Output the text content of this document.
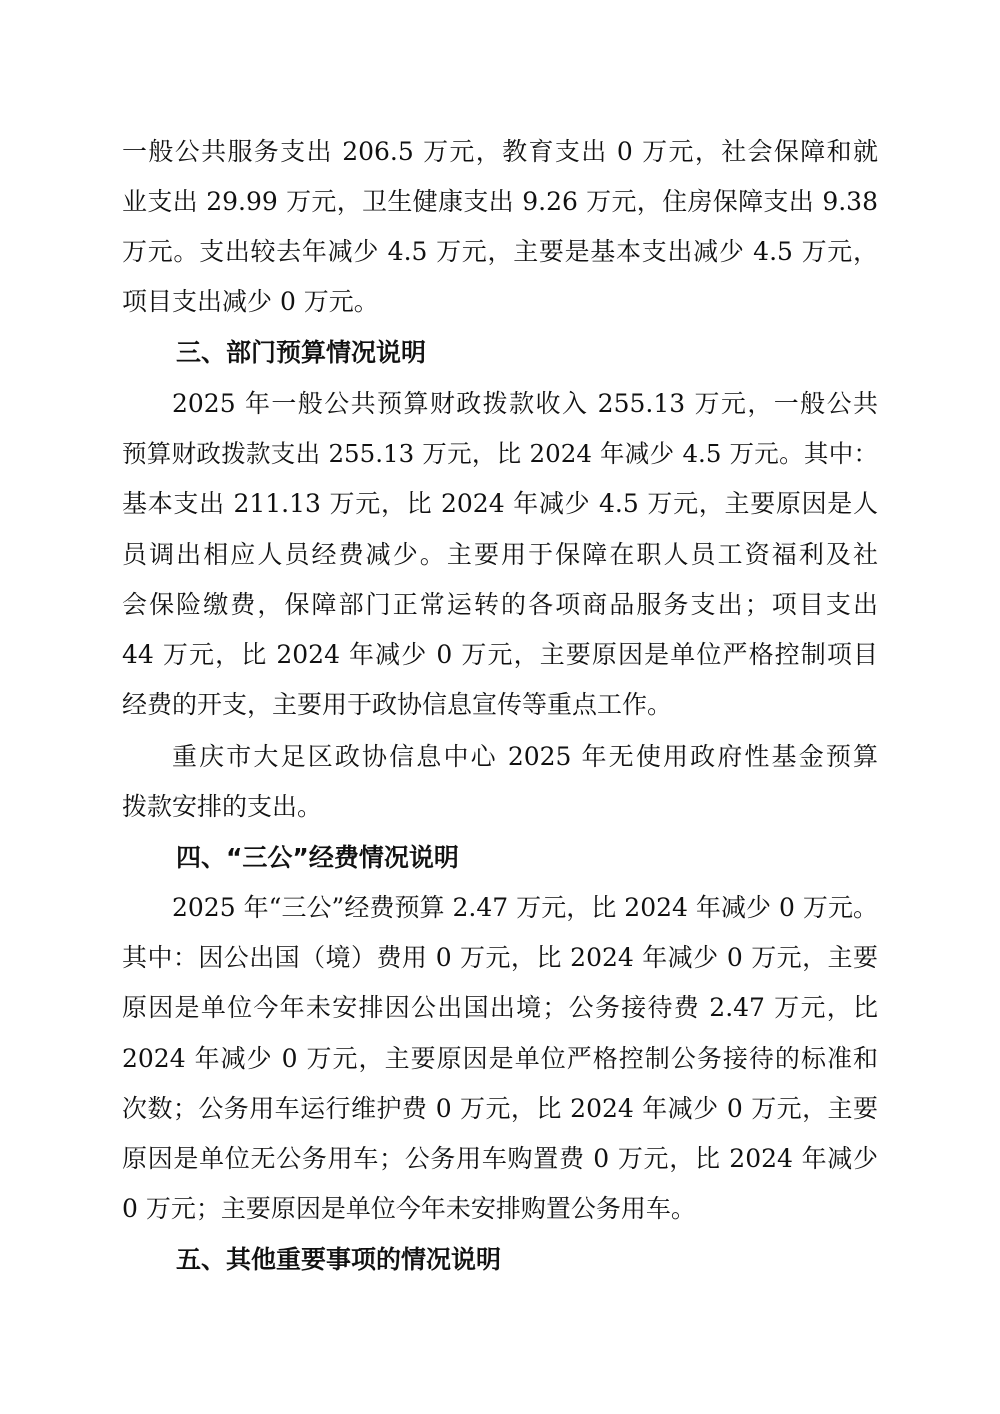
一般公共服务支出 206.5 万元，教育支出 0 万元，社会保障和就
业支出 29.99 万元，卫生健康支出 9.26 万元，住房保障支出 9.38
万元。支出较去年减少 4.5 万元，主要是基本支出减少 4.5 万元，
项目支出减少 0 万元。
三、部门预算情况说明
2025 年一般公共预算财政拨款收入 255.13 万元，一般公共
预算财政拨款支出 255.13 万元，比 2024 年减少 4.5 万元。其中：
基本支出 211.13 万元，比 2024 年减少 4.5 万元，主要原因是人
员调出相应人员经费减少。主要用于保障在职人员工资福利及社
会保险缴费，保障部门正常运转的各项商品服务支出；项目支出
44 万元，比 2024 年减少 0 万元，主要原因是单位严格控制项目
经费的开支，主要用于政协信息宣传等重点工作。
重庆市大足区政协信息中心 2025 年无使用政府性基金预算
拨款安排的支出。
四、“三公”经费情况说明
2025 年“三公”经费预算 2.47 万元，比 2024 年减少 0 万元。
其中：因公出国（境）费用 0 万元，比 2024 年减少 0 万元，主要
原因是单位今年未安排因公出国出境；公务接待费 2.47 万元，比
2024 年减少 0 万元，主要原因是单位严格控制公务接待的标准和
次数；公务用车运行维护费 0 万元，比 2024 年减少 0 万元，主要
原因是单位无公务用车；公务用车购置费 0 万元，比 2024 年减少
0 万元；主要原因是单位今年未安排购置公务用车。
五、其他重要事项的情况说明
